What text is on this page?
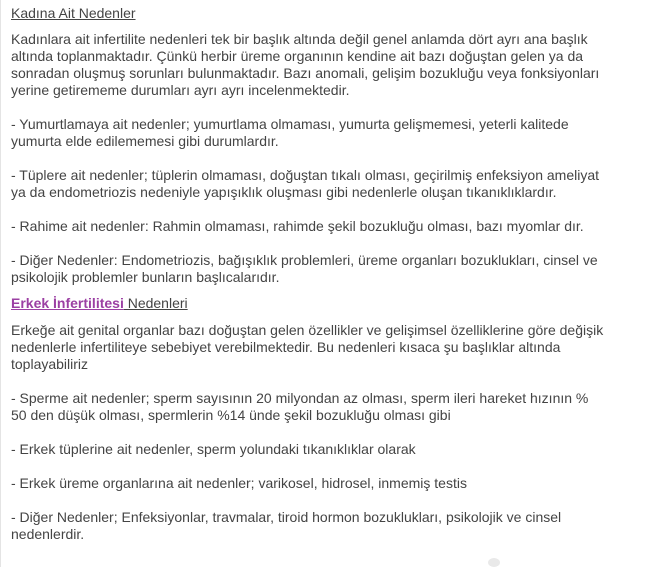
Kadına Ait Nedenler
Kadınlara ait infertilite nedenleri tek bir başlık altında değil genel anlamda dört ayrı ana başlık
altında toplanmaktadır. Çünkü herbir üreme organının kendine ait bazı doğuştan gelen ya da
sonradan oluşmuş sorunları bulunmaktadır. Bazı anomali, gelişim bozukluğu veya fonksiyonları
yerine getirememe durumları ayrı ayrı incelenmektedir.
- Yumurtlamaya ait nedenler; yumurtlama olmaması, yumurta gelişmemesi, yeterli kalitede
yumurta elde edilememesi gibi durumlardır.
- Tüplere ait nedenler; tüplerin olmaması, doğuştan tıkalı olması, geçirilmiş enfeksiyon ameliyat
ya da endometriozis nedeniyle yapışıklık oluşması gibi nedenlerle oluşan tıkanıklıklardır.
- Rahime ait nedenler: Rahmin olmaması, rahimde şekil bozukluğu olması, bazı myomlar dır.
- Diğer Nedenler: Endometriozis, bağışıklık problemleri, üreme organları bozuklukları, cinsel ve
psikolojik problemler bunların başlıcalarıdır.
Erkek İnfertilitesi Nedenleri
Erkeğe ait genital organlar bazı doğuştan gelen özellikler ve gelişimsel özelliklerine göre değişik
nedenlerle infertiliteye sebebiyet verebilmektedir. Bu nedenleri kısaca şu başlıklar altında
toplayabiliriz
- Sperme ait nedenler; sperm sayısının 20 milyondan az olması, sperm ileri hareket hızının %
50 den düşük olması, spermlerin %14 ünde şekil bozukluğu olması gibi
- Erkek tüplerine ait nedenler, sperm yolundaki tıkanıklıklar olarak
- Erkek üreme organlarına ait nedenler; varikosel, hidrosel, inmemiş testis
- Diğer Nedenler; Enfeksiyonlar, travmalar, tiroid hormon bozuklukları, psikolojik ve cinsel
nedenlerdir.
